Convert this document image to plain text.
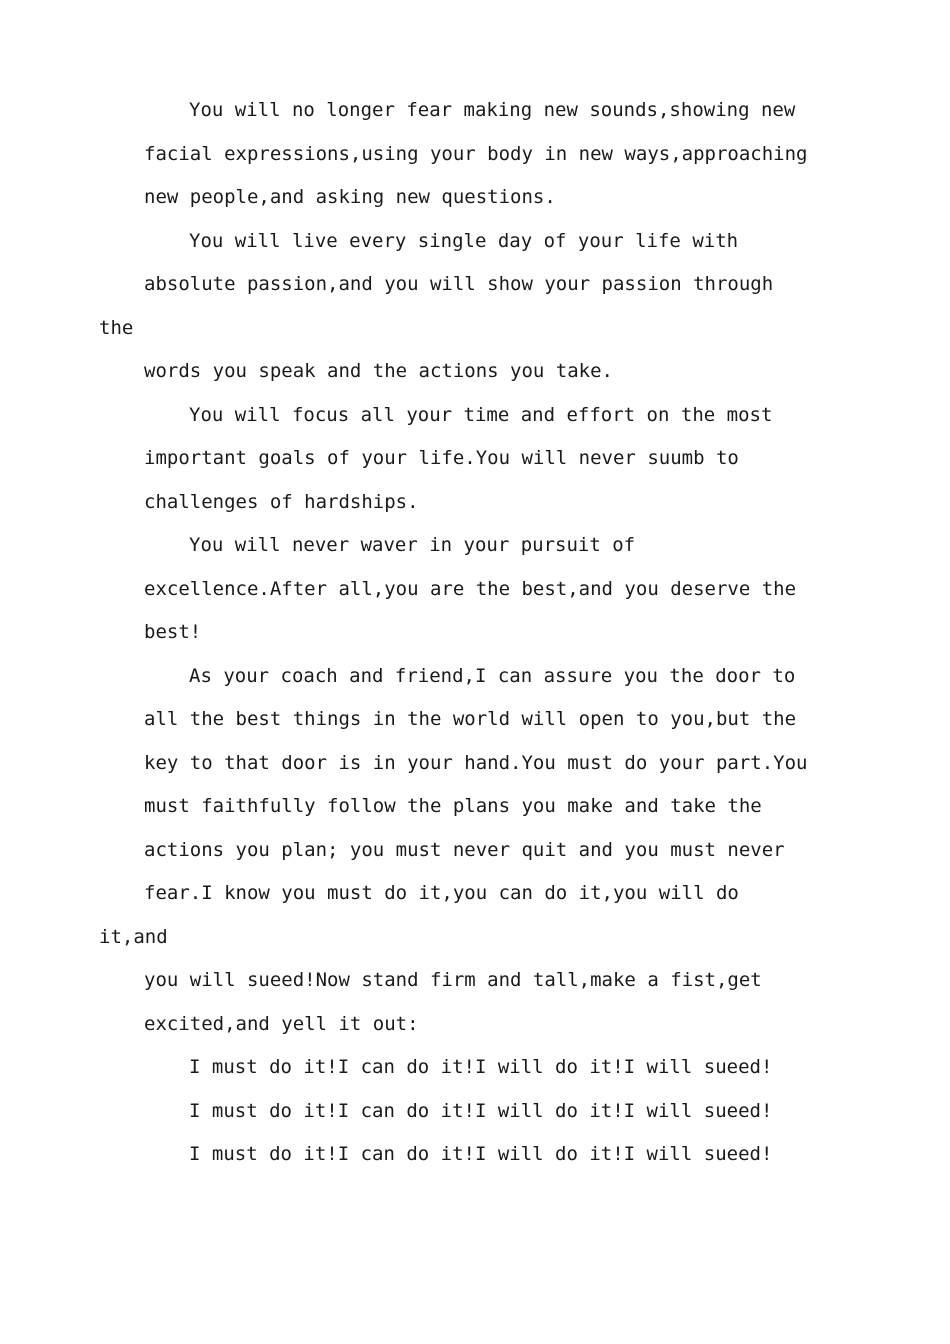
You will no longer fear making new sounds,showing new
facial expressions,using your body in new ways,approaching
new people,and asking new questions.

You will live every single day of your life with
absolute passion,and you will show your passion through the
words you speak and the actions you take.

You will focus all your time and effort on the most
important goals of your life.You will never suumb to
challenges of hardships.

You will never waver in your pursuit of
excellence.After all,you are the best,and you deserve the
best!

As your coach and friend,I can assure you the door to
all the best things in the world will open to you,but the
key to that door is in your hand.You must do your part.You
must faithfully follow the plans you make and take the
actions you plan; you must never quit and you must never
fear.I know you must do it,you can do it,you will do it,and
you will sueed!Now stand firm and tall,make a fist,get
excited,and yell it out:

I must do it!I can do it!I will do it!I will sueed!

I must do it!I can do it!I will do it!I will sueed!

I must do it!I can do it!I will do it!I will sueed!
